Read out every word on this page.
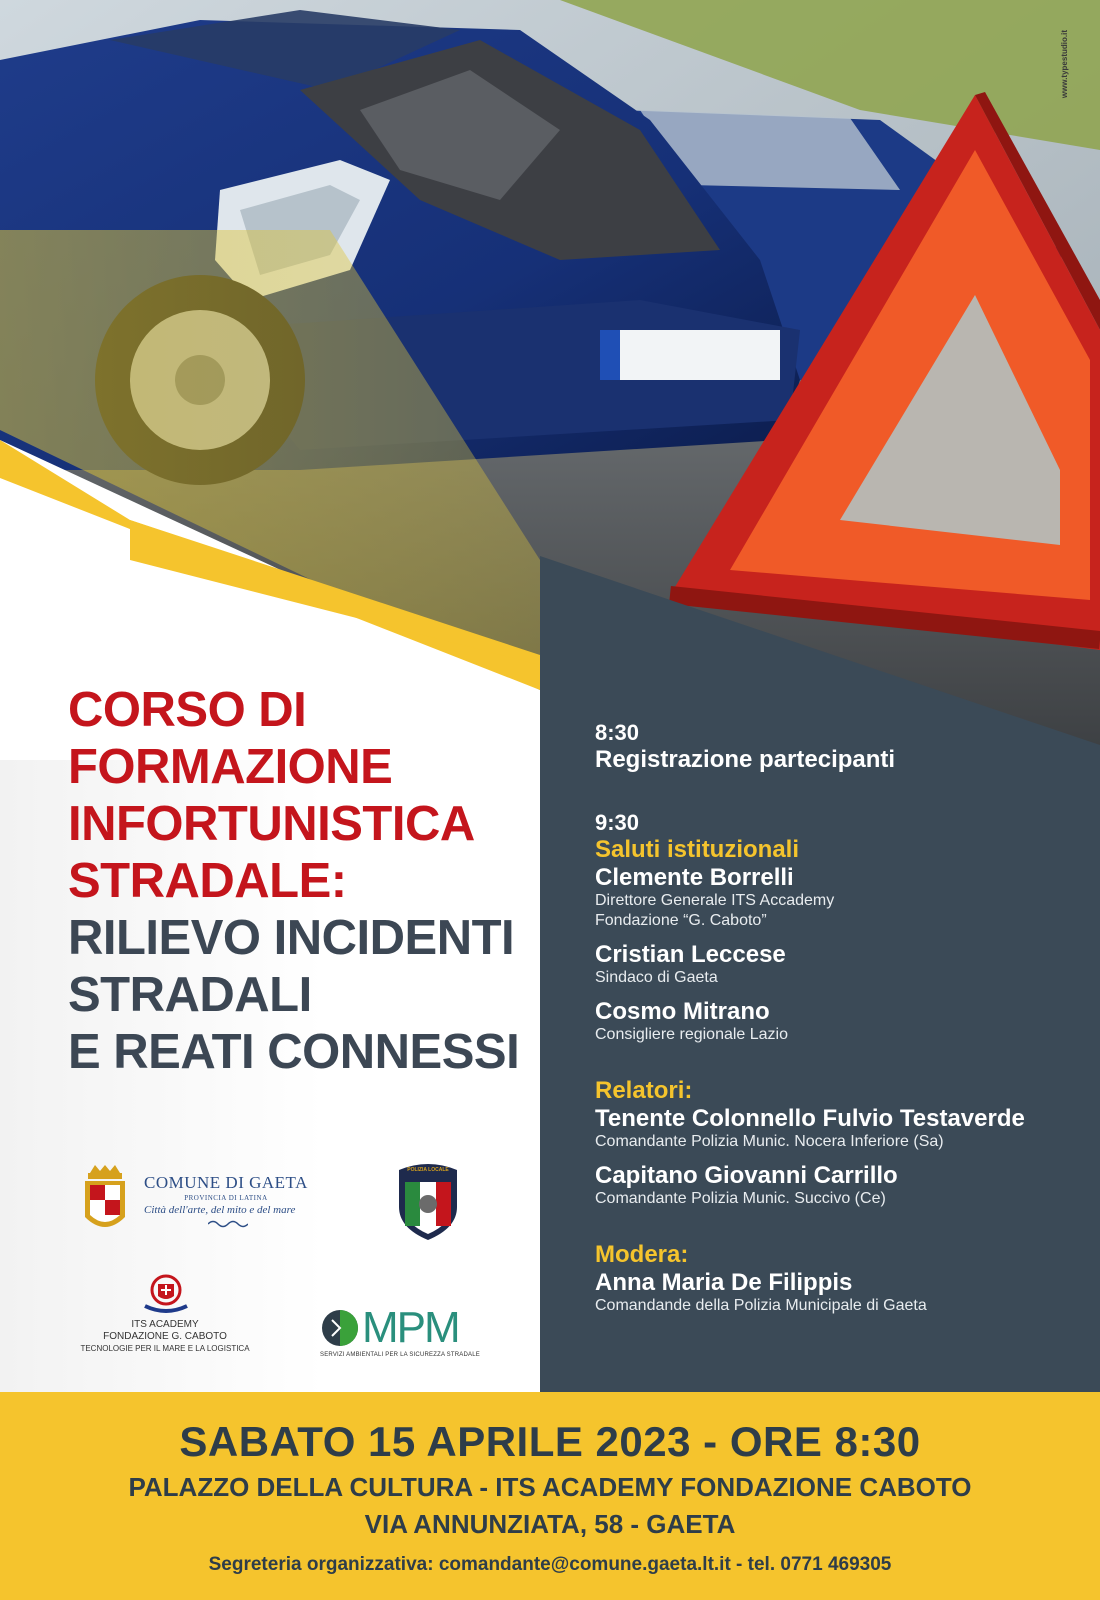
www.typestudio.it
CORSO DI
FORMAZIONE
INFORTUNISTICA
STRADALE:
RILIEVO INCIDENTI
STRADALI
E REATI CONNESSI
COMUNE DI GAETA
PROVINCIA DI LATINA
Città dell'arte, del mito e del mare
POLIZIA LOCALE
ITS ACADEMY
FONDAZIONE G. CABOTO
TECNOLOGIE PER IL MARE E LA LOGISTICA	MPM
SERVIZI AMBIENTALI PER LA SICUREZZA STRADALE
8:30
Registrazione partecipanti
9:30
Saluti istituzionali
Clemente Borrelli
Direttore Generale ITS Accademy
Fondazione “G. Caboto”
Cristian Leccese
Sindaco di Gaeta
Cosmo Mitrano
Consigliere regionale Lazio
Relatori:
Tenente Colonnello Fulvio Testaverde
Comandante Polizia Munic. Nocera Inferiore (Sa)
Capitano Giovanni Carrillo
Comandante Polizia Munic. Succivo (Ce)
Modera:
Anna Maria De Filippis
Comandande della Polizia Municipale di Gaeta
SABATO 15 APRILE 2023 - ORE 8:30
PALAZZO DELLA CULTURA - ITS ACADEMY FONDAZIONE CABOTO
VIA ANNUNZIATA, 58 - GAETA
Segreteria organizzativa: comandante@comune.gaeta.lt.it - tel. 0771 469305
